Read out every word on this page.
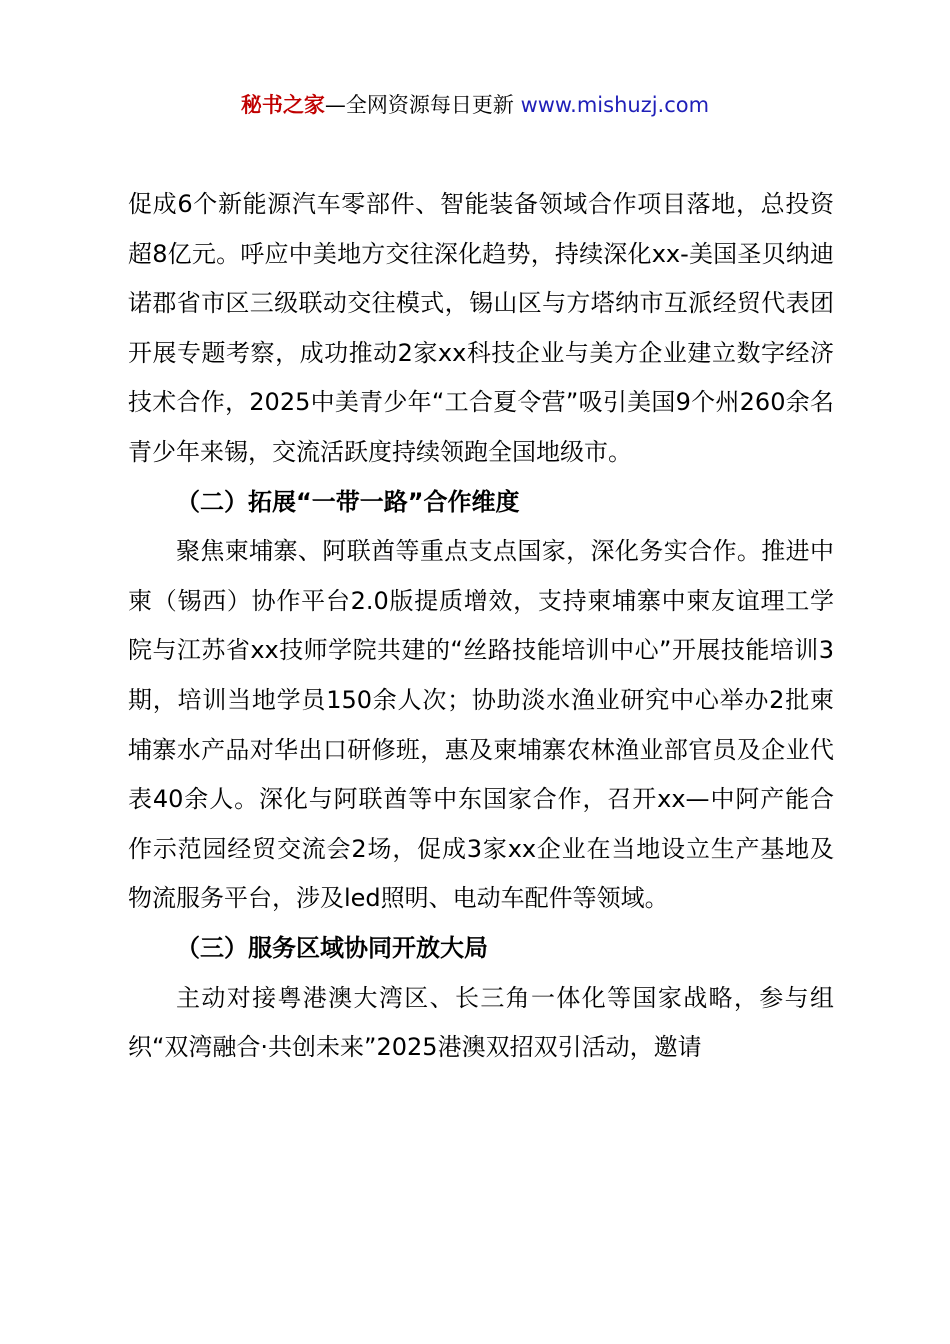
秘书之家—全网资源每日更新 www.mishuzj.com

促成6个新能源汽车零部件、智能装备领域合作项目落地，总投资超8亿元。呼应中美地方交往深化趋势，持续深化xx-美国圣贝纳迪诺郡省市区三级联动交往模式，锡山区与方塔纳市互派经贸代表团开展专题考察，成功推动2家xx科技企业与美方企业建立数字经济技术合作，2025中美青少年“工合夏令营”吸引美国9个州260余名青少年来锡，交流活跃度持续领跑全国地级市。

（二）拓展“一带一路”合作维度

聚焦柬埔寨、阿联酋等重点支点国家，深化务实合作。推进中柬（锡西）协作平台2.0版提质增效，支持柬埔寨中柬友谊理工学院与江苏省xx技师学院共建的“丝路技能培训中心”开展技能培训3期，培训当地学员150余人次；协助淡水渔业研究中心举办2批柬埔寨水产品对华出口研修班，惠及柬埔寨农林渔业部官员及企业代表40余人。深化与阿联酋等中东国家合作，召开xx—中阿产能合作示范园经贸交流会2场，促成3家xx企业在当地设立生产基地及物流服务平台，涉及led照明、电动车配件等领域。

（三）服务区域协同开放大局

主动对接粤港澳大湾区、长三角一体化等国家战略，参与组织“双湾融合·共创未来”2025港澳双招双引活动，邀请
